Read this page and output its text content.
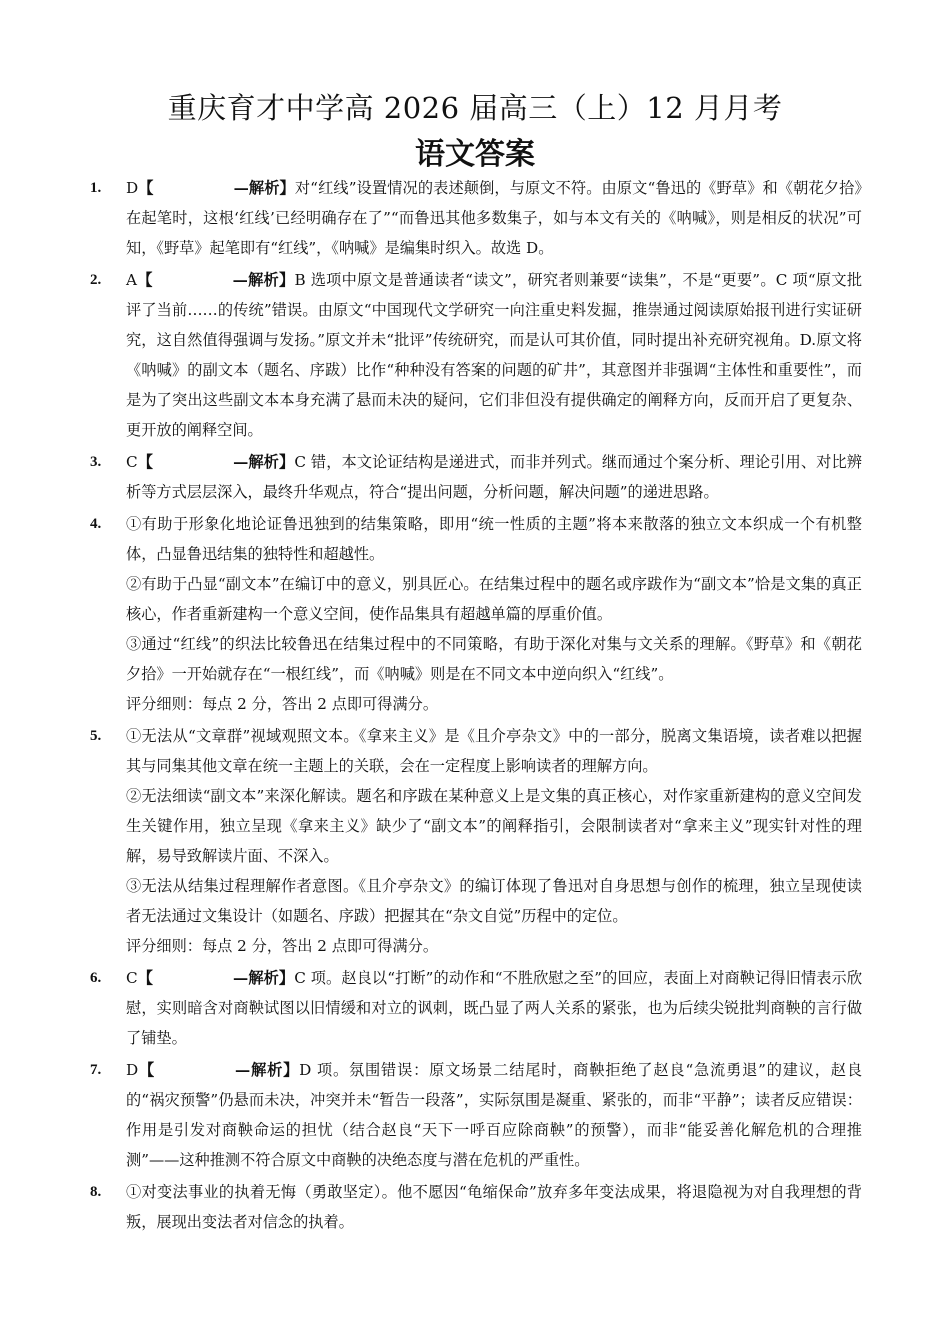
重庆育才中学高 2026 届高三（上）12 月月考
语文答案
1.	D【	—解析】对“红线”设置情况的表述颠倒，与原文不符。由原文“鲁迅的《野草》和《朝花夕拾》在起笔时，这根‘红线’已经明确存在了”“而鲁迅其他多数集子，如与本文有关的《呐喊》，则是相反的状况”可知，《野草》起笔即有“红线”，《呐喊》是编集时织入。故选 D。

2.	A【	—解析】B 选项中原文是普通读者“读文”，研究者则兼要“读集”，不是“更要”。C 项“原文批评了当前……的传统”错误。由原文“中国现代文学研究一向注重史料发掘，推崇通过阅读原始报刊进行实证研究，这自然值得强调与发扬。”原文并未“批评”传统研究，而是认可其价值，同时提出补充研究视角。D.原文将《呐喊》的副文本（题名、序跋）比作“种种没有答案的问题的矿井”，其意图并非强调“主体性和重要性”，而是为了突出这些副文本本身充满了悬而未决的疑问，它们非但没有提供确定的阐释方向，反而开启了更复杂、更开放的阐释空间。

3.	C【	—解析】C 错，本文论证结构是递进式，而非并列式。继而通过个案分析、理论引用、对比辨析等方式层层深入，最终升华观点，符合“提出问题，分析问题，解决问题”的递进思路。

4.	①有助于形象化地论证鲁迅独到的结集策略，即用“统一性质的主题”将本来散落的独立文本织成一个有机整体，凸显鲁迅结集的独特性和超越性。

②有助于凸显“副文本”在编订中的意义，别具匠心。在结集过程中的题名或序跋作为“副文本”恰是文集的真正核心，作者重新建构一个意义空间，使作品集具有超越单篇的厚重价值。

③通过“红线”的织法比较鲁迅在结集过程中的不同策略，有助于深化对集与文关系的理解。《野草》和《朝花夕拾》一开始就存在“一根红线”，而《呐喊》则是在不同文本中逆向织入“红线”。

评分细则：每点 2 分，答出 2 点即可得满分。

5.	①无法从“文章群”视域观照文本。《拿来主义》是《且介亭杂文》中的一部分，脱离文集语境，读者难以把握其与同集其他文章在统一主题上的关联，会在一定程度上影响读者的理解方向。

②无法细读“副文本”来深化解读。题名和序跋在某种意义上是文集的真正核心，对作家重新建构的意义空间发生关键作用，独立呈现《拿来主义》缺少了“副文本”的阐释指引，会限制读者对“拿来主义”现实针对性的理解，易导致解读片面、不深入。

③无法从结集过程理解作者意图。《且介亭杂文》的编订体现了鲁迅对自身思想与创作的梳理，独立呈现使读者无法通过文集设计（如题名、序跋）把握其在“杂文自觉”历程中的定位。

评分细则：每点 2 分，答出 2 点即可得满分。

6.	C【	—解析】C 项。赵良以“打断”的动作和“不胜欣慰之至”的回应，表面上对商鞅记得旧情表示欣慰，实则暗含对商鞅试图以旧情缓和对立的讽刺，既凸显了两人关系的紧张，也为后续尖锐批判商鞅的言行做了铺垫。

7.	D【	—解析】D 项。氛围错误：原文场景二结尾时，商鞅拒绝了赵良“急流勇退”的建议，赵良的“祸灾预警”仍悬而未决，冲突并未“暂告一段落”，实际氛围是凝重、紧张的，而非“平静”；读者反应错误：作用是引发对商鞅命运的担忧（结合赵良“天下一呼百应除商鞅”的预警），而非“能妥善化解危机的合理推测”——这种推测不符合原文中商鞅的决绝态度与潜在危机的严重性。

8.	①对变法事业的执着无悔（勇敢坚定）。他不愿因“龟缩保命”放弃多年变法成果，将退隐视为对自我理想的背叛，展现出变法者对信念的执着。
